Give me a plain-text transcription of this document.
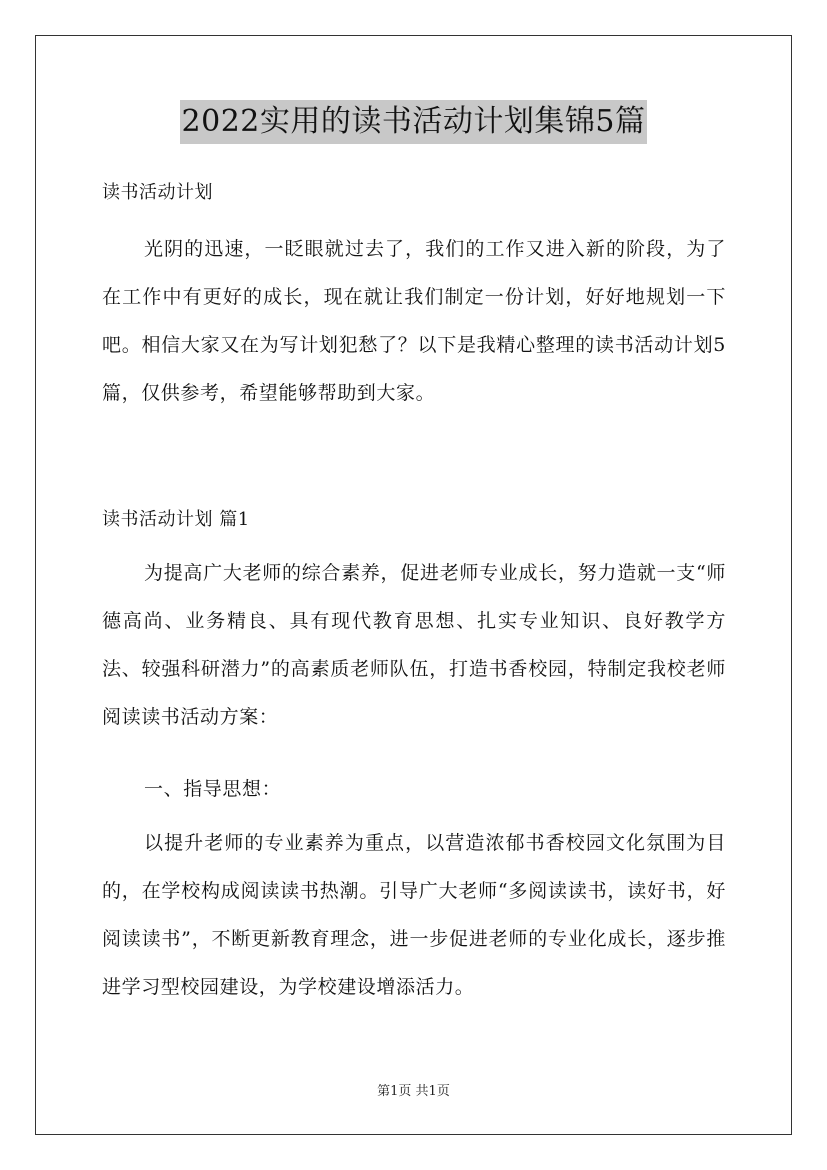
2022实用的读书活动计划集锦5篇
读书活动计划
光阴的迅速，一眨眼就过去了，我们的工作又进入新的阶段，为了在工作中有更好的成长，现在就让我们制定一份计划，好好地规划一下吧。相信大家又在为写计划犯愁了？以下是我精心整理的读书活动计划5篇，仅供参考，希望能够帮助到大家。
读书活动计划 篇1
为提高广大老师的综合素养，促进老师专业成长，努力造就一支“师德高尚、业务精良、具有现代教育思想、扎实专业知识、良好教学方法、较强科研潜力”的高素质老师队伍，打造书香校园，特制定我校老师阅读读书活动方案：
一、指导思想：
以提升老师的专业素养为重点，以营造浓郁书香校园文化氛围为目的，在学校构成阅读读书热潮。引导广大老师“多阅读读书，读好书，好阅读读书”，不断更新教育理念，进一步促进老师的专业化成长，逐步推进学习型校园建设，为学校建设增添活力。
第1页 共1页
